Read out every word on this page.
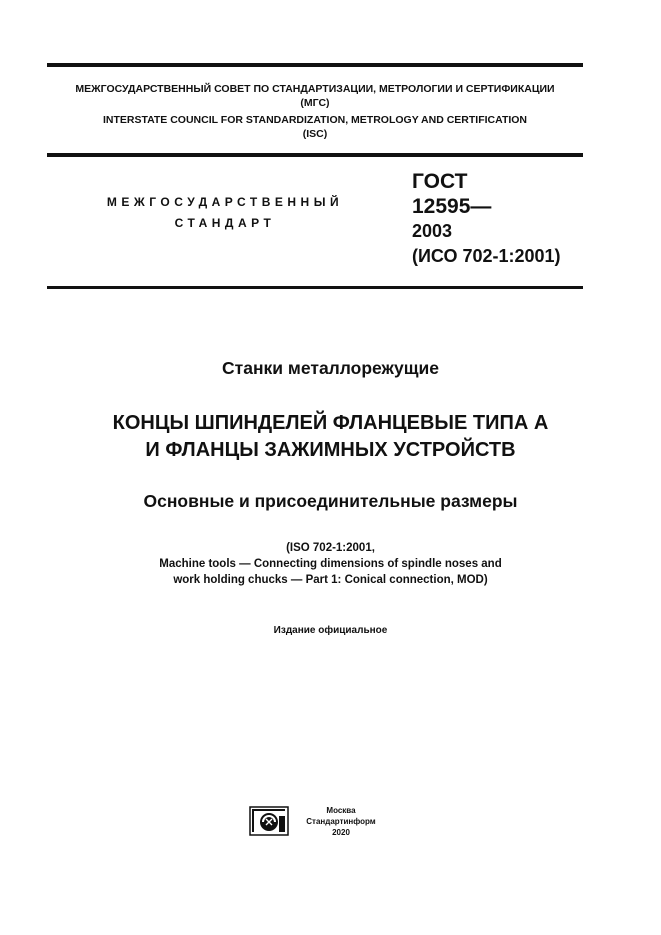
МЕЖГОСУДАРСТВЕННЫЙ СОВЕТ ПО СТАНДАРТИЗАЦИИ, МЕТРОЛОГИИ И СЕРТИФИКАЦИИ
(МГС)
INTERSTATE COUNCIL FOR STANDARDIZATION, METROLOGY AND CERTIFICATION
(ISC)
МЕЖГОСУДАРСТВЕННЫЙ
СТАНДАРТ
ГОСТ
12595—
2003
(ИСО 702-1:2001)
Станки металлорежущие
КОНЦЫ ШПИНДЕЛЕЙ ФЛАНЦЕВЫЕ ТИПА А
И ФЛАНЦЫ ЗАЖИМНЫХ УСТРОЙСТВ
Основные и присоединительные размеры
(ISO 702-1:2001,
Machine tools — Connecting dimensions of spindle noses and
work holding chucks — Part 1: Conical connection, MOD)
Издание официальное
Москва
Стандартинформ
2020
